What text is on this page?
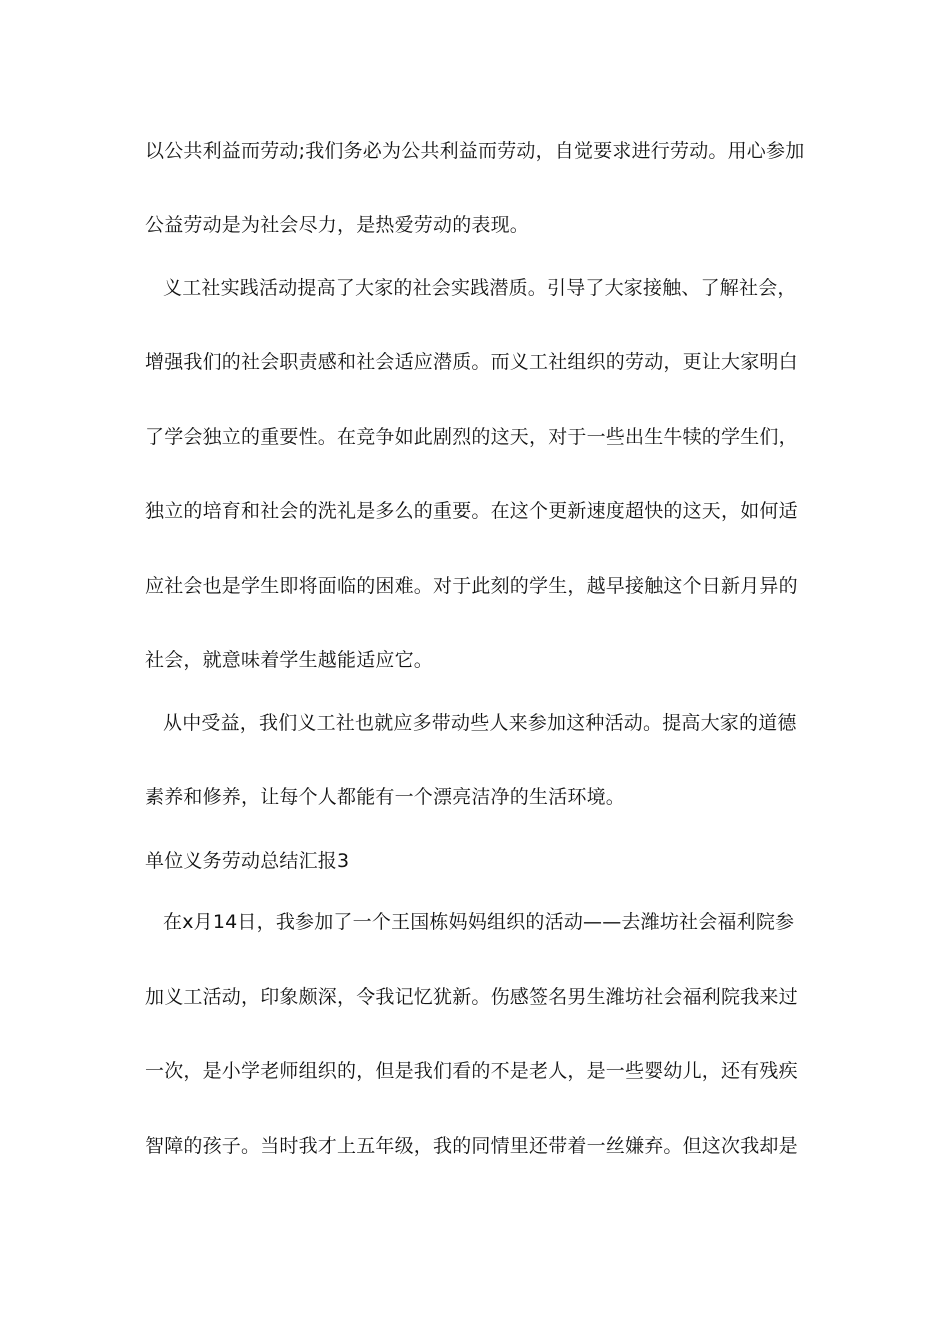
以公共利益而劳动;我们务必为公共利益而劳动，自觉要求进行劳动。用心参加
公益劳动是为社会尽力，是热爱劳动的表现。
义工社实践活动提高了大家的社会实践潜质。引导了大家接触、了解社会，
增强我们的社会职责感和社会适应潜质。而义工社组织的劳动，更让大家明白
了学会独立的重要性。在竞争如此剧烈的这天，对于一些出生牛犊的学生们，
独立的培育和社会的洗礼是多么的重要。在这个更新速度超快的这天，如何适
应社会也是学生即将面临的困难。对于此刻的学生，越早接触这个日新月异的
社会，就意味着学生越能适应它。
从中受益，我们义工社也就应多带动些人来参加这种活动。提高大家的道德
素养和修养，让每个人都能有一个漂亮洁净的生活环境。
单位义务劳动总结汇报3
在x月14日，我参加了一个王国栋妈妈组织的活动——去潍坊社会福利院参
加义工活动，印象颇深，令我记忆犹新。伤感签名男生潍坊社会福利院我来过
一次，是小学老师组织的，但是我们看的不是老人，是一些婴幼儿，还有残疾
智障的孩子。当时我才上五年级，我的同情里还带着一丝嫌弃。但这次我却是
